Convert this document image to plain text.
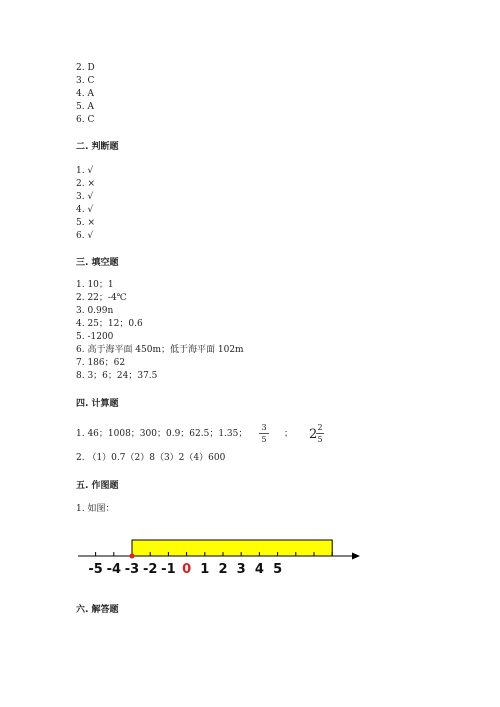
2. D
3. C
4. A
5. A
6. C
二. 判断题
1. √
2. ×
3. √
4. √
5. ×
6. √
三. 填空题
1. 10；1
2. 22；-4℃
3. 0.99n
4. 25；12；0.6
5. -1200
6. 高于海平面 450m；低于海平面 102m
7. 186；62
8. 3；6；24；37.5
四. 计算题
1. 46；1008；300；0.9；62.5；1.35；
3
5
； 2 2
5
2. （1）0.7（2）8（3）2（4）600
五. 作图题
1. 如图：
-5 -4 -3 -2 -1 0 1 2 3 4 5
六. 解答题
